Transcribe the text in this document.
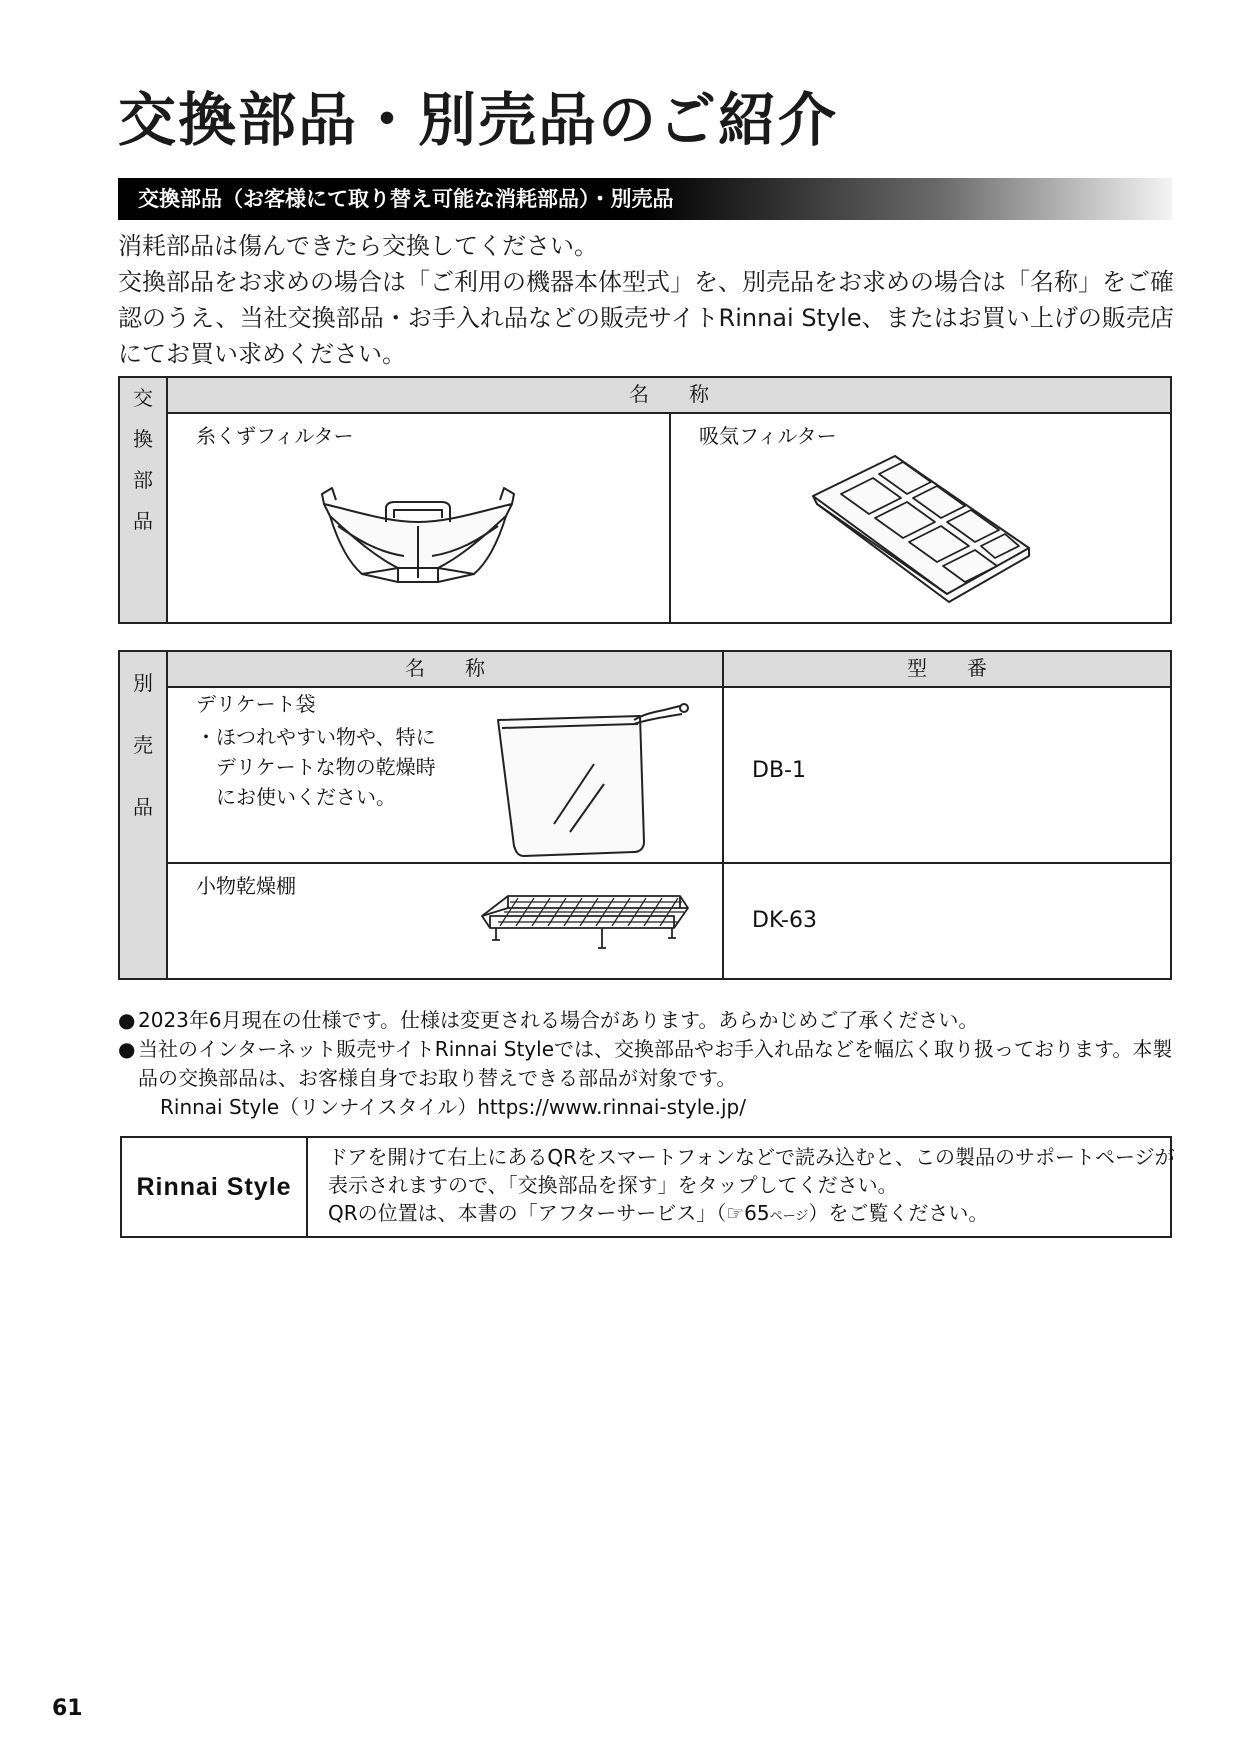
交換部品・別売品のご紹介
交換部品（お客様にて取り替え可能な消耗部品）・別売品

消耗部品は傷んできたら交換してください。

交換部品をお求めの場合は「ご利用の機器本体型式」を、別売品をお求めの場合は「名称」をご確認のうえ、当社交換部品・お手入れ品などの販売サイトRinnai Style、またはお買い上げの販売店にてお買い求めください。

交
換
部
品	名　　称	

	糸くずフィルター	吸気フィルター
別
売
品	名　　称	型　　番

	デリケート袋
・ほつれやすい物や、特に
デリケートな物の乾燥時
にお使いください。	DB-1

	小物乾燥棚	DK-63

● 2023年6月現在の仕様です。仕様は変更される場合があります。あらかじめご了承ください。

● 当社のインターネット販売サイトRinnai Styleでは、交換部品やお手入れ品などを幅広く取り扱っております。本製品の交換部品は、お客様自身でお取り替えできる部品が対象です。

Rinnai Style（リンナイスタイル）https://www.rinnai-style.jp/

Rinnai Style	
ドアを開けて右上にあるQRをスマートフォンなどで読み込むと、この製品のサポートページが
表示されますので、「交換部品を探す」をタップしてください。
QRの位置は、本書の「アフターサービス」（☞65ページ）をご覧ください。
61
